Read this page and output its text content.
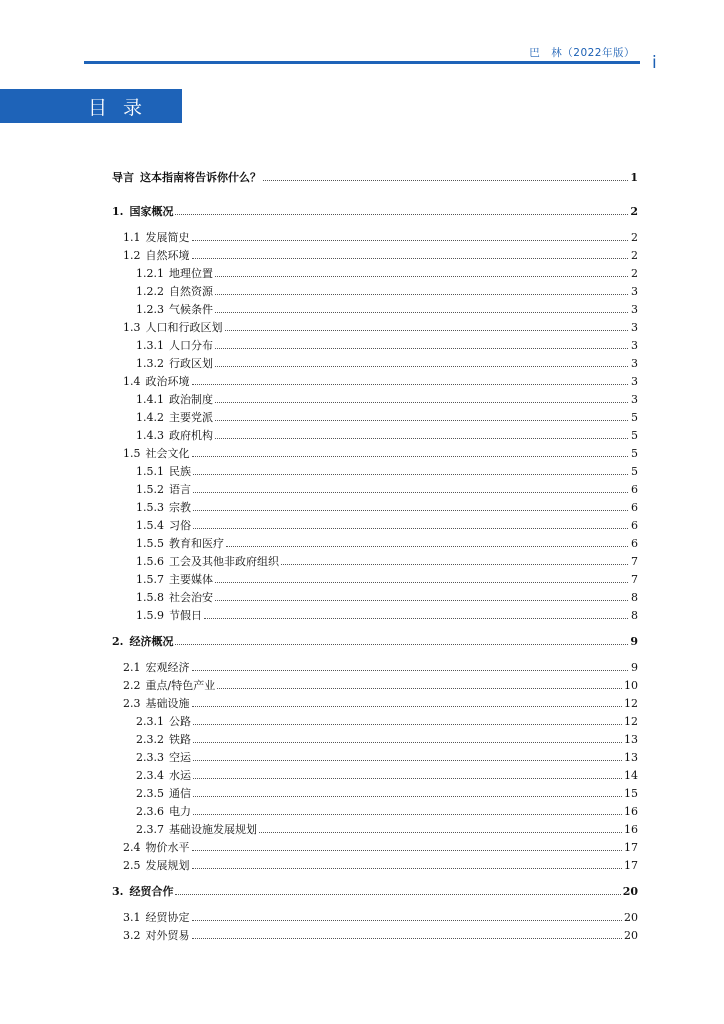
巴　林（2022年版） i
目录
导言 这本指南将告诉你什么？	1
1. 国家概况	2
1.1 发展简史	2
1.2 自然环境	2
1.2.1 地理位置	2
1.2.2 自然资源	3
1.2.3 气候条件	3
1.3 人口和行政区划	3
1.3.1 人口分布	3
1.3.2 行政区划	3
1.4 政治环境	3
1.4.1 政治制度	3
1.4.2 主要党派	5
1.4.3 政府机构	5
1.5 社会文化	5
1.5.1 民族	5
1.5.2 语言	6
1.5.3 宗教	6
1.5.4 习俗	6
1.5.5 教育和医疗	6
1.5.6 工会及其他非政府组织	7
1.5.7 主要媒体	7
1.5.8 社会治安	8
1.5.9 节假日	8
2. 经济概况	9
2.1 宏观经济	9
2.2 重点/特色产业	10
2.3 基础设施	12
2.3.1 公路	12
2.3.2 铁路	13
2.3.3 空运	13
2.3.4 水运	14
2.3.5 通信	15
2.3.6 电力	16
2.3.7 基础设施发展规划	16
2.4 物价水平	17
2.5 发展规划	17
3. 经贸合作	20
3.1 经贸协定	20
3.2 对外贸易	20
